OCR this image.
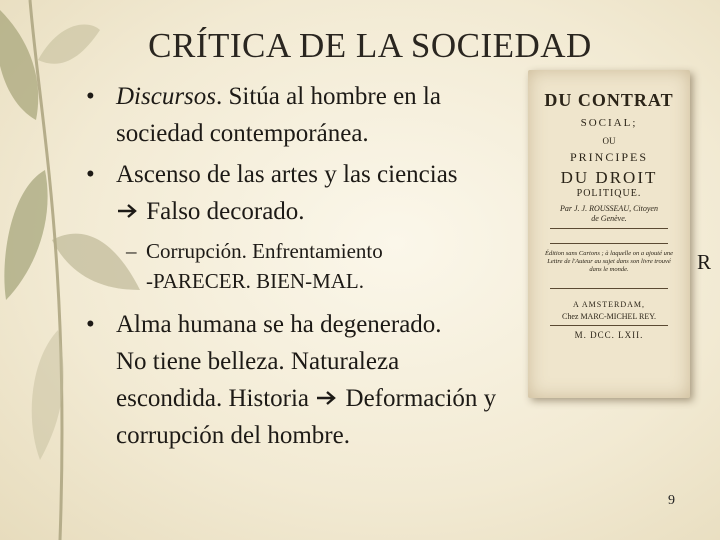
CRÍTICA DE LA SOCIEDAD
• Discursos. Sitúa al hombre en la
sociedad contemporánea.
• Ascenso de las artes y las ciencias
Falso decorado.
– Corrupción. Enfrentamiento
-PARECER. BIEN-MAL.
• Alma humana se ha degenerado.
No tiene belleza. Naturaleza
escondida. Historia Deformación y
corrupción del hombre.
R
DU CONTRAT
SOCIAL;
OU
PRINCIPES
DU DROIT
POLITIQUE.
Par J. J. ROUSSEAU, Citoyen
de Genève.
Édition sans Cartons ; à laquelle on a ajouté une Lettre de l'Auteur au sujet dans son livre trouvé dans le monde.
A AMSTERDAM,
Chez MARC-MICHEL REY.
M. DCC. LXII.
9
